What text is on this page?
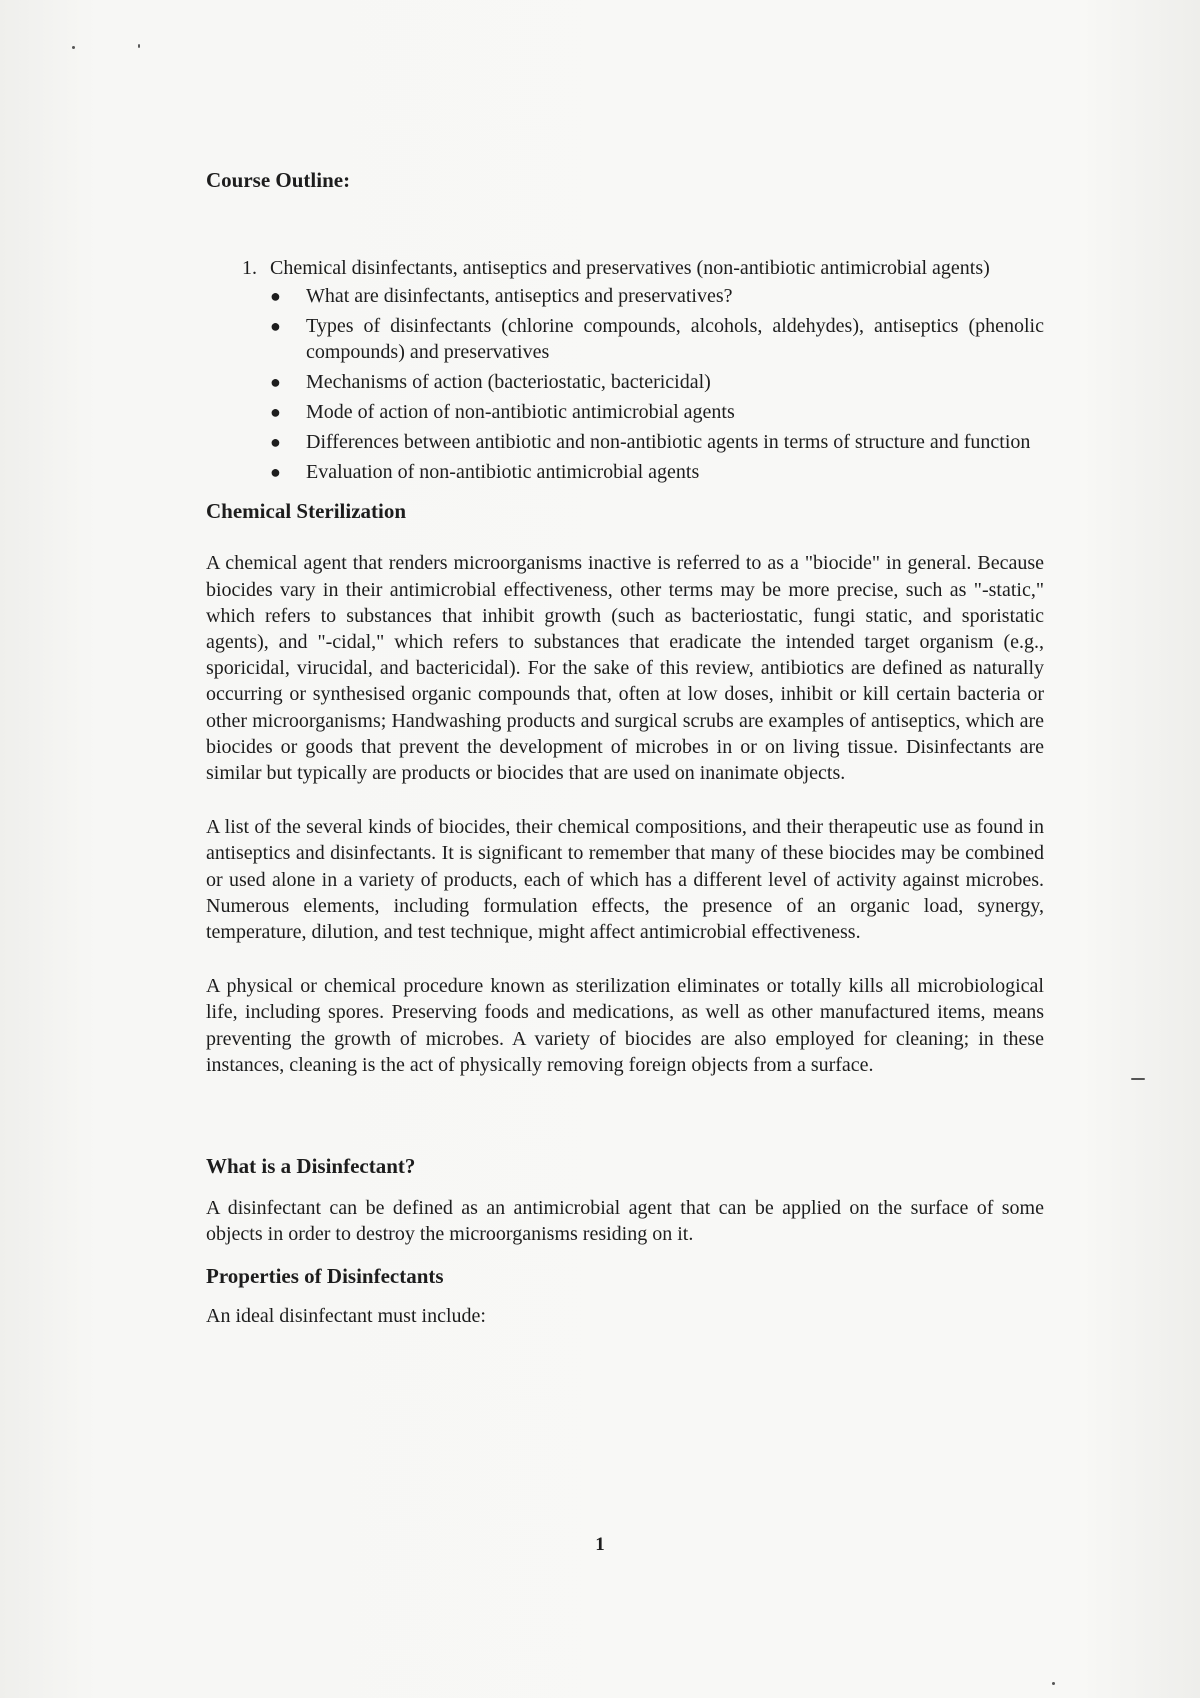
Course Outline:
1. Chemical disinfectants, antiseptics and preservatives (non-antibiotic antimicrobial agents)
● What are disinfectants, antiseptics and preservatives?
● Types of disinfectants (chlorine compounds, alcohols, aldehydes), antiseptics (phenolic compounds) and preservatives
● Mechanisms of action (bacteriostatic, bactericidal)
● Mode of action of non-antibiotic antimicrobial agents
● Differences between antibiotic and non-antibiotic agents in terms of structure and function
● Evaluation of non-antibiotic antimicrobial agents
Chemical Sterilization

A chemical agent that renders microorganisms inactive is referred to as a "biocide" in general. Because biocides vary in their antimicrobial effectiveness, other terms may be more precise, such as "-static," which refers to substances that inhibit growth (such as bacteriostatic, fungi static, and sporistatic agents), and "-cidal," which refers to substances that eradicate the intended target organism (e.g., sporicidal, virucidal, and bactericidal). For the sake of this review, antibiotics are defined as naturally occurring or synthesised organic compounds that, often at low doses, inhibit or kill certain bacteria or other microorganisms; Handwashing products and surgical scrubs are examples of antiseptics, which are biocides or goods that prevent the development of microbes in or on living tissue. Disinfectants are similar but typically are products or biocides that are used on inanimate objects.

A list of the several kinds of biocides, their chemical compositions, and their therapeutic use as found in antiseptics and disinfectants. It is significant to remember that many of these biocides may be combined or used alone in a variety of products, each of which has a different level of activity against microbes. Numerous elements, including formulation effects, the presence of an organic load, synergy, temperature, dilution, and test technique, might affect antimicrobial effectiveness.

A physical or chemical procedure known as sterilization eliminates or totally kills all microbiological life, including spores. Preserving foods and medications, as well as other manufactured items, means preventing the growth of microbes. A variety of biocides are also employed for cleaning; in these instances, cleaning is the act of physically removing foreign objects from a surface.

What is a Disinfectant?

A disinfectant can be defined as an antimicrobial agent that can be applied on the surface of some objects in order to destroy the microorganisms residing on it.

Properties of Disinfectants

An ideal disinfectant must include:

1
